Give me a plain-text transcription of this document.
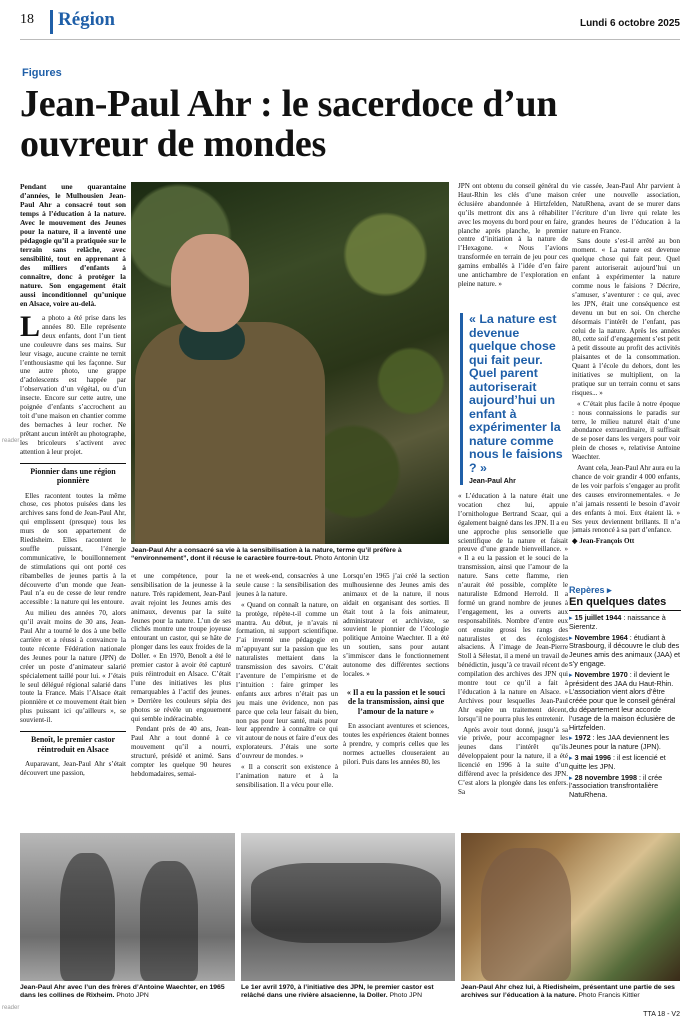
18 Région	Lundi 6 octobre 2025
Figures
Jean-Paul Ahr : le sacerdoce d’un ouvreur de mondes

Pendant une quarantaine d’années, le Mulhousien Jean-Paul Ahr a consacré tout son temps à l’éducation à la nature. Avec le mouvement des Jeunes pour la nature, il a inventé une pédagogie qu’il a pratiquée sur le terrain sans relâche, avec sensibilité, tout en apprenant à des milliers d’enfants à connaître, donc à protéger la nature. Son engagement était aussi inconditionnel qu’unique en Alsace, voire au-delà.

La photo a été prise dans les années 80. Elle représente deux enfants, dont l’un tient une couleuvre dans ses mains. Sur leur visage, aucune crainte ne ternit l’enthousiasme qui les façonne. Sur une autre photo, une grappe d’adolescents est happée par l’observation d’un végétal, ou d’un insecte. Encore sur cette autre, une poignée d’enfants s’accrochent au toit d’une maison en chantier comme des bernaches à leur rocher. Ne prêtant aucun intérêt au photographe, les bricoleurs s’activent avec attention à leur projet.

Pionnier dans une région pionnière

Elles racontent toutes la même chose, ces photos puisées dans les archives sans fond de Jean-Paul Ahr, qui emplissent (presque) tous les murs de son appartement de Riedisheim. Elles racontent le souffle puissant, l’énergie communicative, le bouillonnement de stimulations qui ont porté ces ribambelles de jeunes partis à la découverte d’un monde que Jean-Paul n’a eu de cesse de leur rendre accessible : la nature qui les entoure.

Au milieu des années 70, alors qu’il avait moins de 30 ans, Jean-Paul Ahr a tourné le dos à une belle carrière et a réussi à convaincre la toute récente Fédération nationale des Jeunes pour la nature (JPN) de créer un poste d’animateur salarié spécialement taillé pour lui. « J’étais le seul délégué régional salarié dans toute la France. Mais l’Alsace était pionnière et ce mouvement était bien plus puissant ici qu’ailleurs », se souvient-il.

Benoît, le premier castor réintroduit en Alsace

Auparavant, Jean-Paul Ahr s’était découvert une passion,

Jean-Paul Ahr a consacré sa vie à la sensibilisation à la nature, terme qu’il préfère à “environnement”, dont il récuse le caractère fourre-tout. Photo Antonin Utz

et une compétence, pour la sensibilisation de la jeunesse à la nature. Très rapidement, Jean-Paul avait rejoint les Jeunes amis des animaux, devenus par la suite Jeunes pour la nature. L’un de ses clichés montre une troupe joyeuse entourant un castor, qui se hâte de plonger dans les eaux froides de la Doller. « En 1970, Benoît a été le premier castor à avoir été capturé puis réintroduit en Alsace. C’était l’une des initiatives les plus remarquables à l’actif des jeunes. » Derrière les couleurs sépia des photos se révèle un engouement qui semble indéracinable.

Pendant près de 40 ans, Jean-Paul Ahr a tout donné à ce mouvement qu’il a nourri, structuré, présidé et animé. Sans compter les quelque 90 heures hebdomadaires, semai-

ne et week-end, consacrées à une seule cause : la sensibilisation des jeunes à la nature.

« Quand on connaît la nature, on la protège, répète-t-il comme un mantra. Au début, je n’avais ni formation, ni support scientifique. J’ai inventé une pédagogie en m’appuyant sur la passion que les naturalistes mettaient dans la transmission des savoirs. C’était l’aventure de l’empirisme et de l’intuition : faire grimper les enfants aux arbres n’était pas un jeu mais une évidence, non pas parce que cela leur faisait du bien, non pas pour leur santé, mais pour leur apprendre à connaître ce qui vit autour de nous et faire d’eux des explorateurs. J’étais une sorte d’ouvreur de mondes. »

« Il a conscrit son existence à l’animation nature et à la sensibilisation. Il a vécu pour elle.

Lorsqu’en 1965 j’ai créé la section mulhousienne des Jeunes amis des animaux et de la nature, il nous aidait en organisant des sorties. Il était tout à la fois animateur, administrateur et archiviste, se souvient le pionnier de l’écologie politique Antoine Waechter. Il a été un soutien, sans pour autant s’immiscer dans le fonctionnement autonome des différentes sections locales. »

« Il a eu la passion et le souci de la transmission, ainsi que l’amour de la nature »

En associant aventures et sciences, toutes les expériences étaient bonnes à prendre, y compris celles que les normes actuelles clouseraient au pilori. Puis dans les années 80, les

JPN ont obtenu du conseil général du Haut-Rhin les clés d’une maison éclusière abandonnée à Hirtzfelden, qu’ils mettront dix ans à réhabiliter avec les moyens du bord pour en faire, planche après planche, le premier centre d’initiation à la nature de l’Hexagone. « Nous l’avions transformée en terrain de jeu pour ces gamins emballés à l’idée d’en faire une antichambre de l’exploration en pleine nature. »

« La nature est devenue quelque chose qui fait peur. Quel parent autoriserait aujourd’hui un enfant à expérimenter la nature comme nous le faisions ? »
Jean-Paul Ahr

« L’éducation à la nature était une vocation chez lui, appuie l’ornithologue Bertrand Scaar, qui a également baigné dans les JPN. Il a eu une approche plus sensorielle que scientifique de la nature et faisait preuve d’une grande bienveillance. » « Il a eu la passion et le souci de la transmission, ainsi que l’amour de la nature. Sans cette flamme, rien n’aurait été possible, complète le naturaliste Edmond Herrold. Il a formé un grand nombre de jeunes à l’engagement, les a ouverts aux responsabilités. Nombre d’entre eux ont ensuite grossi les rangs des naturalistes et des écologistes alsaciens. À l’image de Jean-Pierre Stoll à Sélestat, il a mené un travail de bénédictin, jusqu’à ce travail récent de compilation des archives des JPN qui montre tout ce qu’il a fait à l’éducation à la nature en Alsace. » Archives pour lesquelles Jean-Paul Ahr espère un traitement décent, lorsqu’il ne pourra plus les entretenir.

Après avoir tout donné, jusqu’à sa vie privée, pour accompagner les jeunes dans l’intérêt qu’ils développaient pour la nature, il a été licencié en 1996 à la suite d’un différend avec la présidence des JPN. C’est alors la plongée dans les enfers. Sa

vie cassée, Jean-Paul Ahr parvient à créer une nouvelle association, NatuRhena, avant de se murer dans l’écriture d’un livre qui relate les grandes heures de l’éducation à la nature en France.

Sans doute s’est-il arrêté au bon moment. « La nature est devenue quelque chose qui fait peur. Quel parent autoriserait aujourd’hui un enfant à expérimenter la nature comme nous le faisions ? Décrire, s’amuser, s’aventurer : ce qui, avec les JPN, était une conséquence est devenu un but en soi. On cherche désormais l’intérêt de l’enfant, pas celui de la nature. Après les années 80, cette soif d’engagement s’est petit à petit dissoute au profit des activités plaisantes et de la consommation. Quant à l’école du dehors, dont les initiatives se multiplient, on la pratique sur un terrain connu et sans risques... »

« C’était plus facile à notre époque : nous connaissions le paradis sur terre, le milieu naturel était d’une abondance extraordinaire, il suffisait de se poser dans les vergers pour voir plein de choses », relativise Antoine Waechter.

Avant cela, Jean-Paul Ahr aura eu la chance de voir grandir 4 000 enfants, de les voir parfois s’engager au profit des causes environnementales. « Je n’ai jamais ressenti le besoin d’avoir des enfants à moi. Eux étaient là. » Ses yeux deviennent brillants. Il n’a jamais renoncé à sa part d’enfance.

◆ Jean-François Ott

Repères ▸
En quelques dates
▸ 15 juillet 1944 : naissance à Sierentz.
▸ Novembre 1964 : étudiant à Strasbourg, il découvre le club des Jeunes amis des animaux (JAA) et s’y engage.
▸ Novembre 1970 : il devient le président des JAA du Haut-Rhin. L’association vient alors d’être créée pour que le conseil général du département leur accorde l’usage de la maison éclusière de Hirtzfelden.
▸ 1972 : les JAA deviennent les Jeunes pour la nature (JPN).
▸ 3 mai 1996 : il est licencié et quitte les JPN.
▸ 28 novembre 1998 : il crée l’association transfrontalière NatuRhena.
Jean-Paul Ahr avec l’un des frères d’Antoine Waechter, en 1965 dans les collines de Rixheim. Photo JPN
Le 1er avril 1970, à l’initiative des JPN, le premier castor est relâché dans une rivière alsacienne, la Doller. Photo JPN
Jean-Paul Ahr chez lui, à Riedisheim, présentant une partie de ses archives sur l’éducation à la nature. Photo Francis Kittler
TTA 18 - V2
reader
reader
